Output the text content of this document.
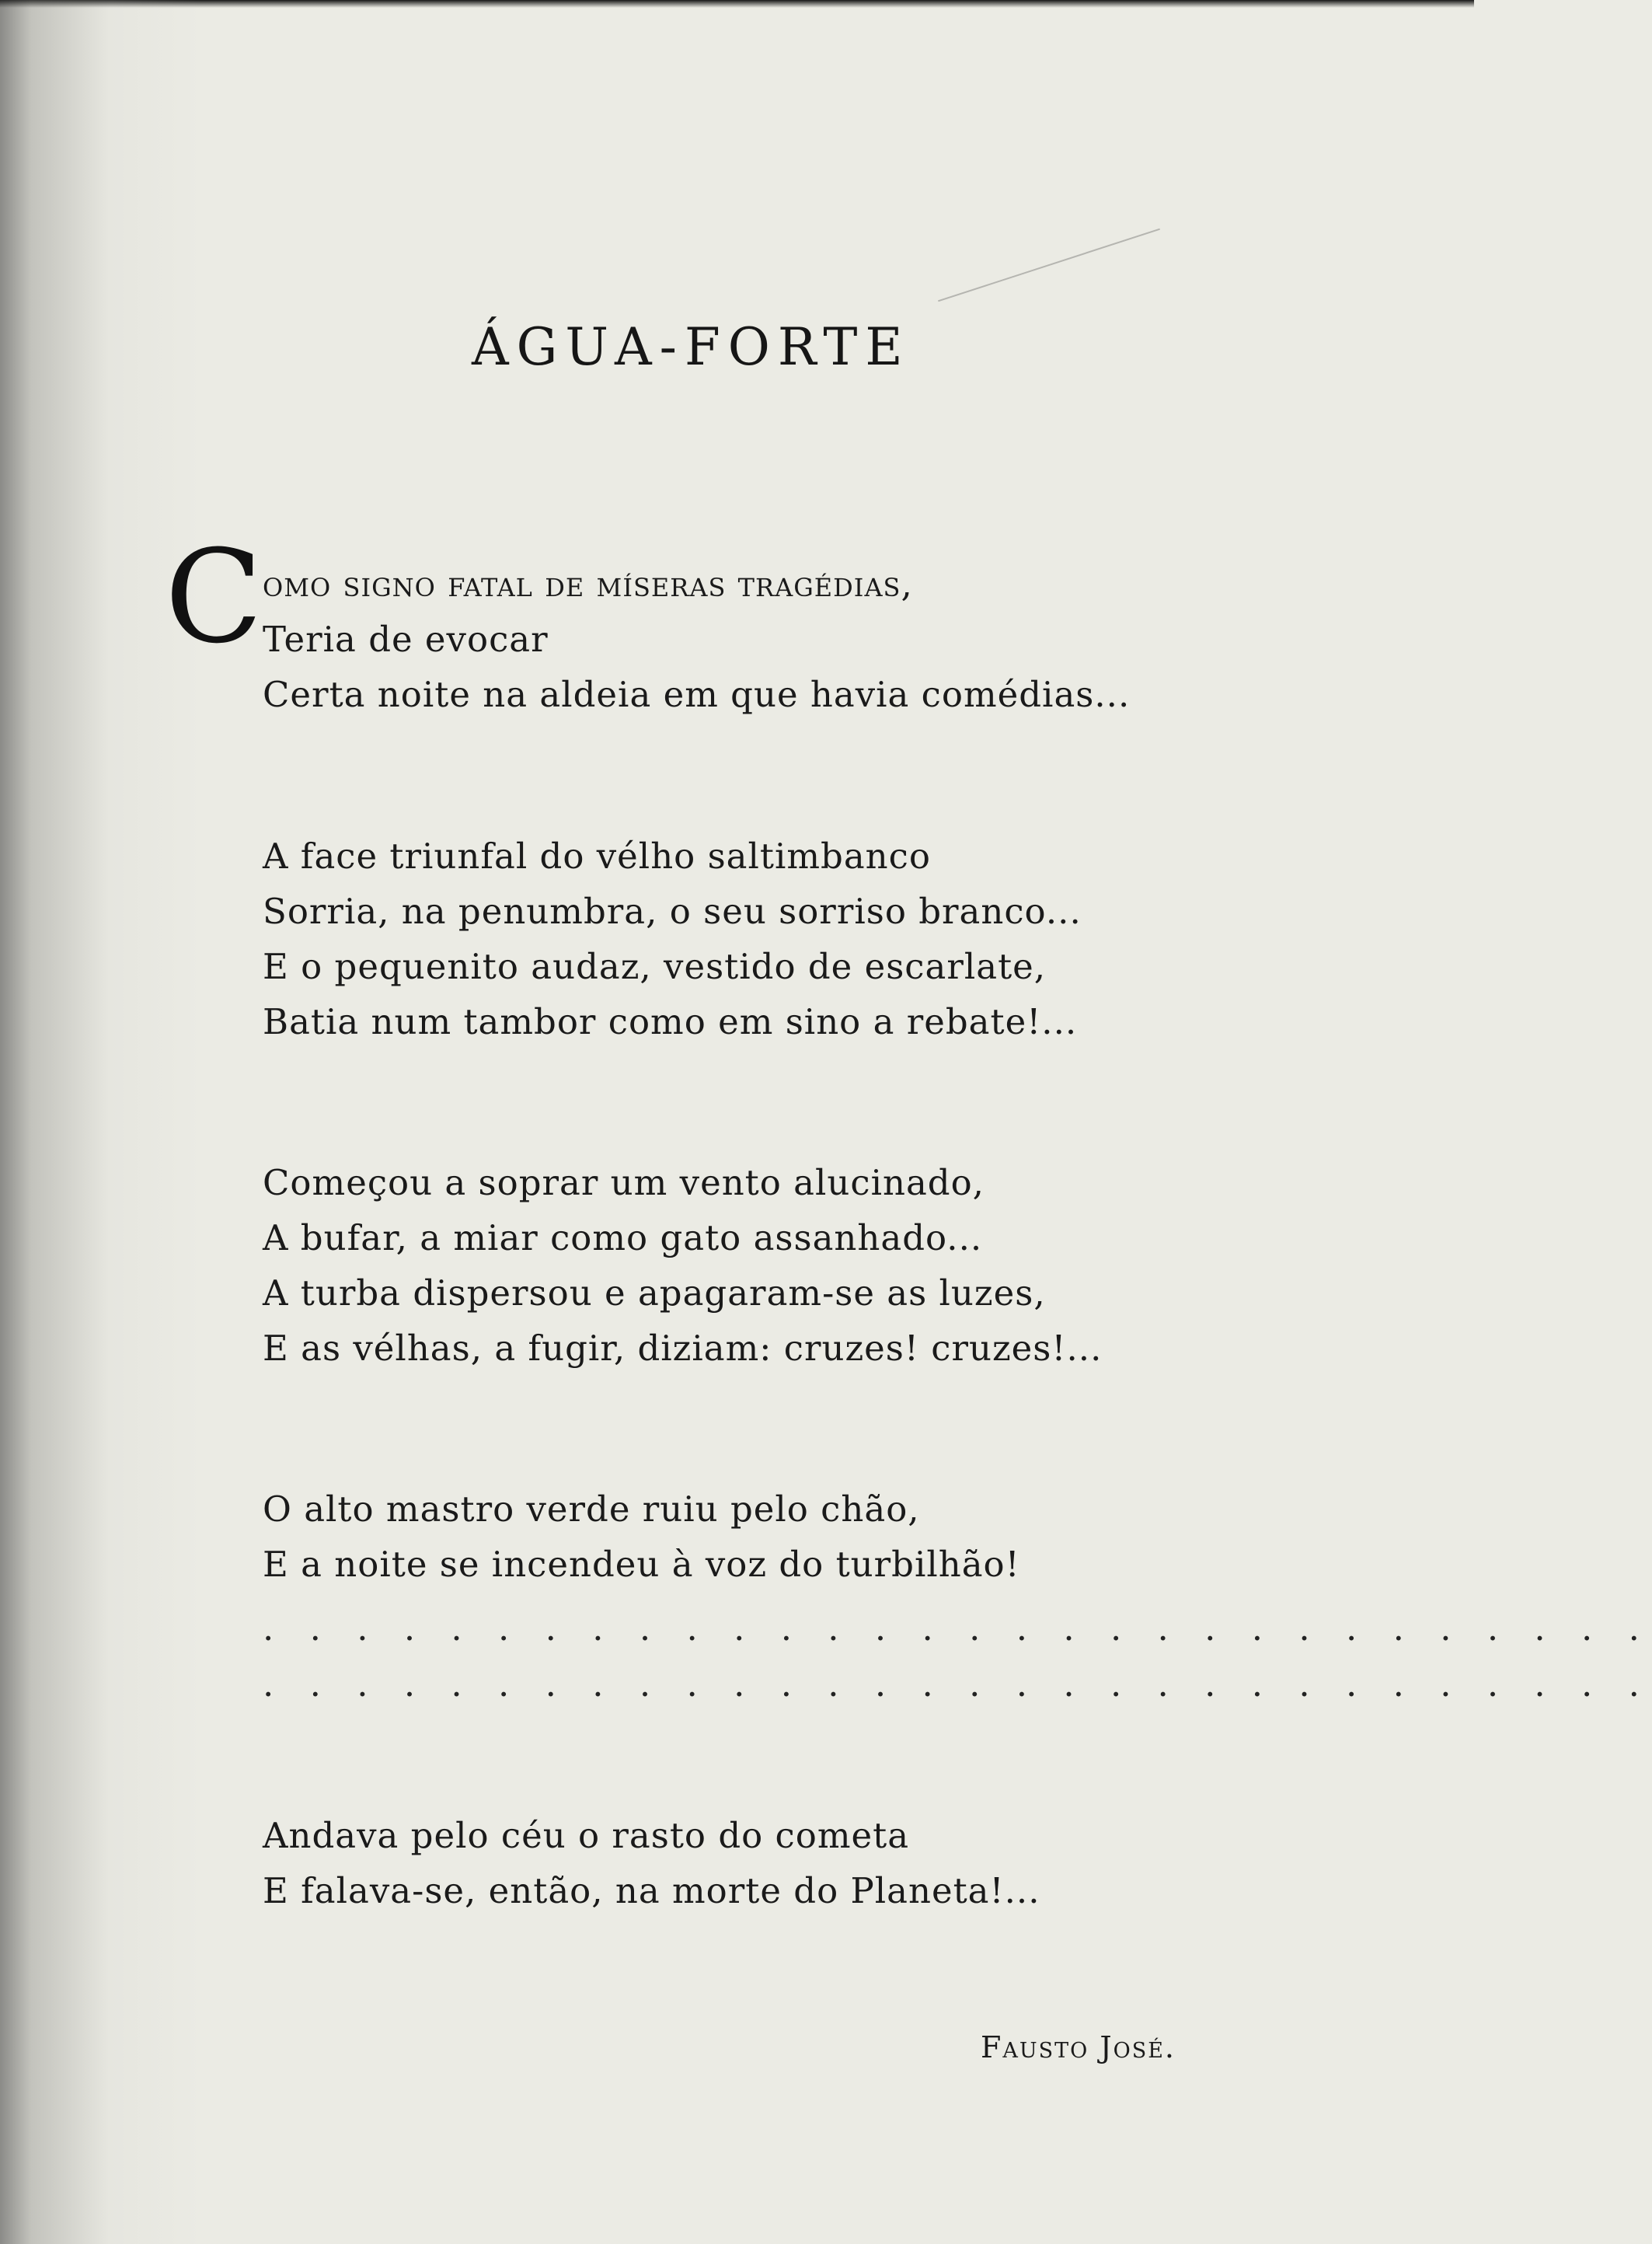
ÁGUA-FORTE
C omo signo fatal de míseras tragédias,
Teria de evocar
Certa noite na aldeia em que havia comédias...
A face triunfal do vélho saltimbanco
Sorria, na penumbra, o seu sorriso branco...
E o pequenito audaz, vestido de escarlate,
Batia num tambor como em sino a rebate!...
Começou a soprar um vento alucinado,
A bufar, a miar como gato assanhado...
A turba dispersou e apagaram-se as luzes,
E as vélhas, a fugir, diziam: cruzes! cruzes!...
O alto mastro verde ruiu pelo chão,
E a noite se incendeu à voz do turbilhão!
. . . . . . . . . . . . . . . . . . . . . . . . . . . . . .
. . . . . . . . . . . . . . . . . . . . . . . . . . . . . .
Andava pelo céu o rasto do cometa
E falava-se, então, na morte do Planeta!...
Fausto José.
